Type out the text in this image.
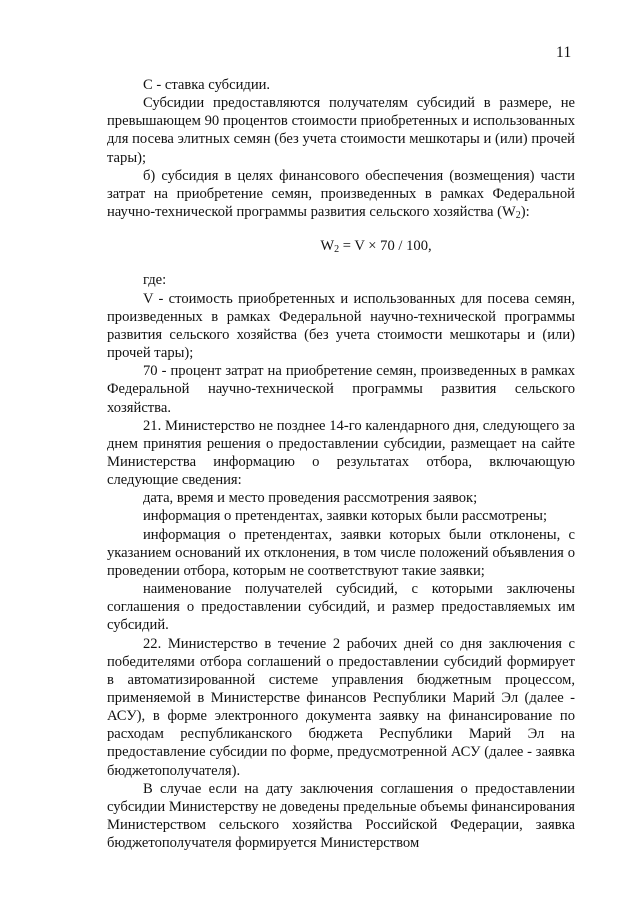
11

С - ставка субсидии.

Субсидии предоставляются получателям субсидий в размере, не превышающем 90 процентов стоимости приобретенных и использованных для посева элитных семян (без учета стоимости мешкотары и (или) прочей тары);

б) субсидия в целях финансового обеспечения (возмещения) части затрат на приобретение семян, произведенных в рамках Федеральной научно-технической программы развития сельского хозяйства $(W_2)$:

$W_2 = V \times 70 / 100$,

где:

V - стоимость приобретенных и использованных для посева семян, произведенных в рамках Федеральной научно-технической программы развития сельского хозяйства (без учета стоимости мешкотары и (или) прочей тары);

70 - процент затрат на приобретение семян, произведенных в рамках Федеральной научно-технической программы развития сельского хозяйства.

21. Министерство не позднее 14-го календарного дня, следующего за днем принятия решения о предоставлении субсидии, размещает на сайте Министерства информацию о результатах отбора, включающую следующие сведения:

дата, время и место проведения рассмотрения заявок;

информация о претендентах, заявки которых были рассмотрены;

информация о претендентах, заявки которых были отклонены, с указанием оснований их отклонения, в том числе положений объявления о проведении отбора, которым не соответствуют такие заявки;

наименование получателей субсидий, с которыми заключены соглашения о предоставлении субсидий, и размер предоставляемых им субсидий.

22. Министерство в течение 2 рабочих дней со дня заключения с победителями отбора соглашений о предоставлении субсидий формирует в автоматизированной системе управления бюджетным процессом, применяемой в Министерстве финансов Республики Марий Эл (далее - АСУ), в форме электронного документа заявку на финансирование по расходам республиканского бюджета Республики Марий Эл на предоставление субсидии по форме, предусмотренной АСУ (далее - заявка бюджетополучателя).

В случае если на дату заключения соглашения о предоставлении субсидии Министерству не доведены предельные объемы финансирования Министерством сельского хозяйства Российской Федерации, заявка бюджетополучателя формируется Министерством
